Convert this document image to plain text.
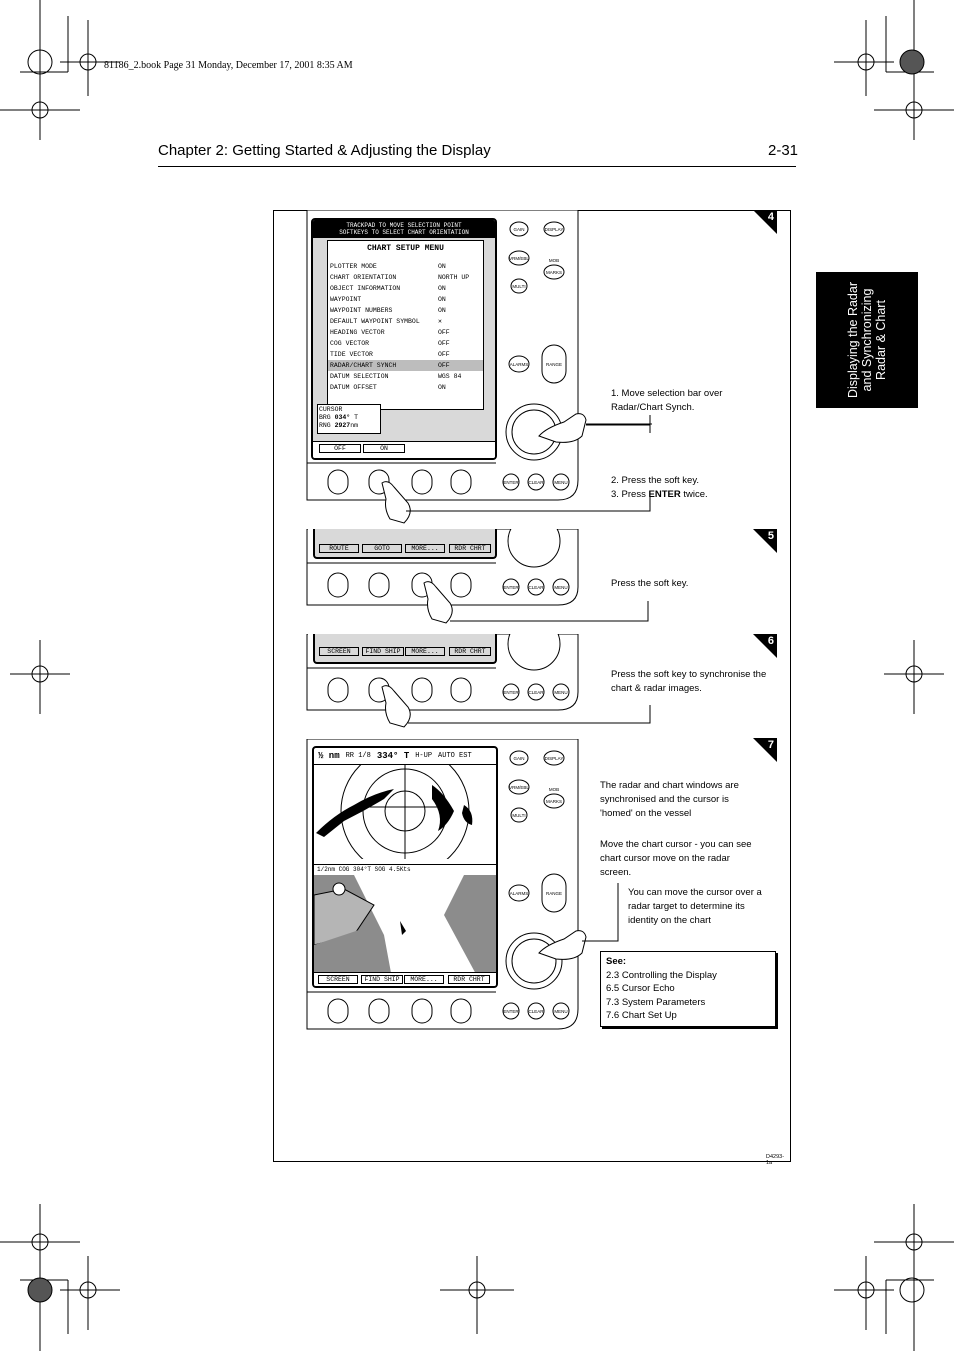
81186_2.book Page 31 Monday, December 17, 2001 8:35 AM
Chapter 2: Getting Started & Adjusting the Display	2-31
Displaying the Radar and Synchronizing Radar & Chart
4
GAIN	DISPLAY
VRM/EBL	MOB
MARKS
MULTI
ALARMS	RANGE
ENTER CLEAR MENU
TRACKPAD TO MOVE SELECTION POINT
SOFTKEYS TO SELECT CHART ORIENTATION
CHART SETUP MENU
PLOTTER MODE	ON
CHART ORIENTATION	NORTH UP
OBJECT INFORMATION	ON
WAYPOINT	ON
WAYPOINT NUMBERS	ON
DEFAULT WAYPOINT SYMBOL	✕
HEADING VECTOR	OFF
COG VECTOR	OFF
TIDE VECTOR	OFF
RADAR/CHART SYNCH	OFF
DATUM SELECTION	WGS 84
DATUM OFFSET	ON
CURSOR
BRG 034° T
RNG 2927nm
OFF	ON
1. Move selection bar over Radar/Chart Synch.
2. Press the soft key.
3. Press ENTER twice.
5
ENTER CLEAR MENU
ROUTE	GOTO	MORE...	RDR CHRT
Press the soft key.
6
ENTER CLEAR MENU
SCREEN	FIND SHIP	MORE...	RDR CHRT
Press the soft key to synchronise the chart & radar images.
7
GAIN	DISPLAY
VRM/EBL	MOB
MARKS
MULTI
ALARMS	RANGE
ENTER CLEAR MENU
½ nm RR 1/8 334° T H-UP AUTO EST
1/2nm COG 304°T SOG 4.5Kts
SCREEN	FIND SHIP	MORE...	RDR CHRT
The radar and chart windows are synchronised and the cursor is 'homed' on the vessel
Move the chart cursor - you can see chart cursor move on the radar screen.
You can move the cursor over a radar target to determine its identity on the chart
D4293-1a
See:
2.3 Controlling the Display
6.5 Cursor Echo
7.3 System Parameters
7.6 Chart Set Up
